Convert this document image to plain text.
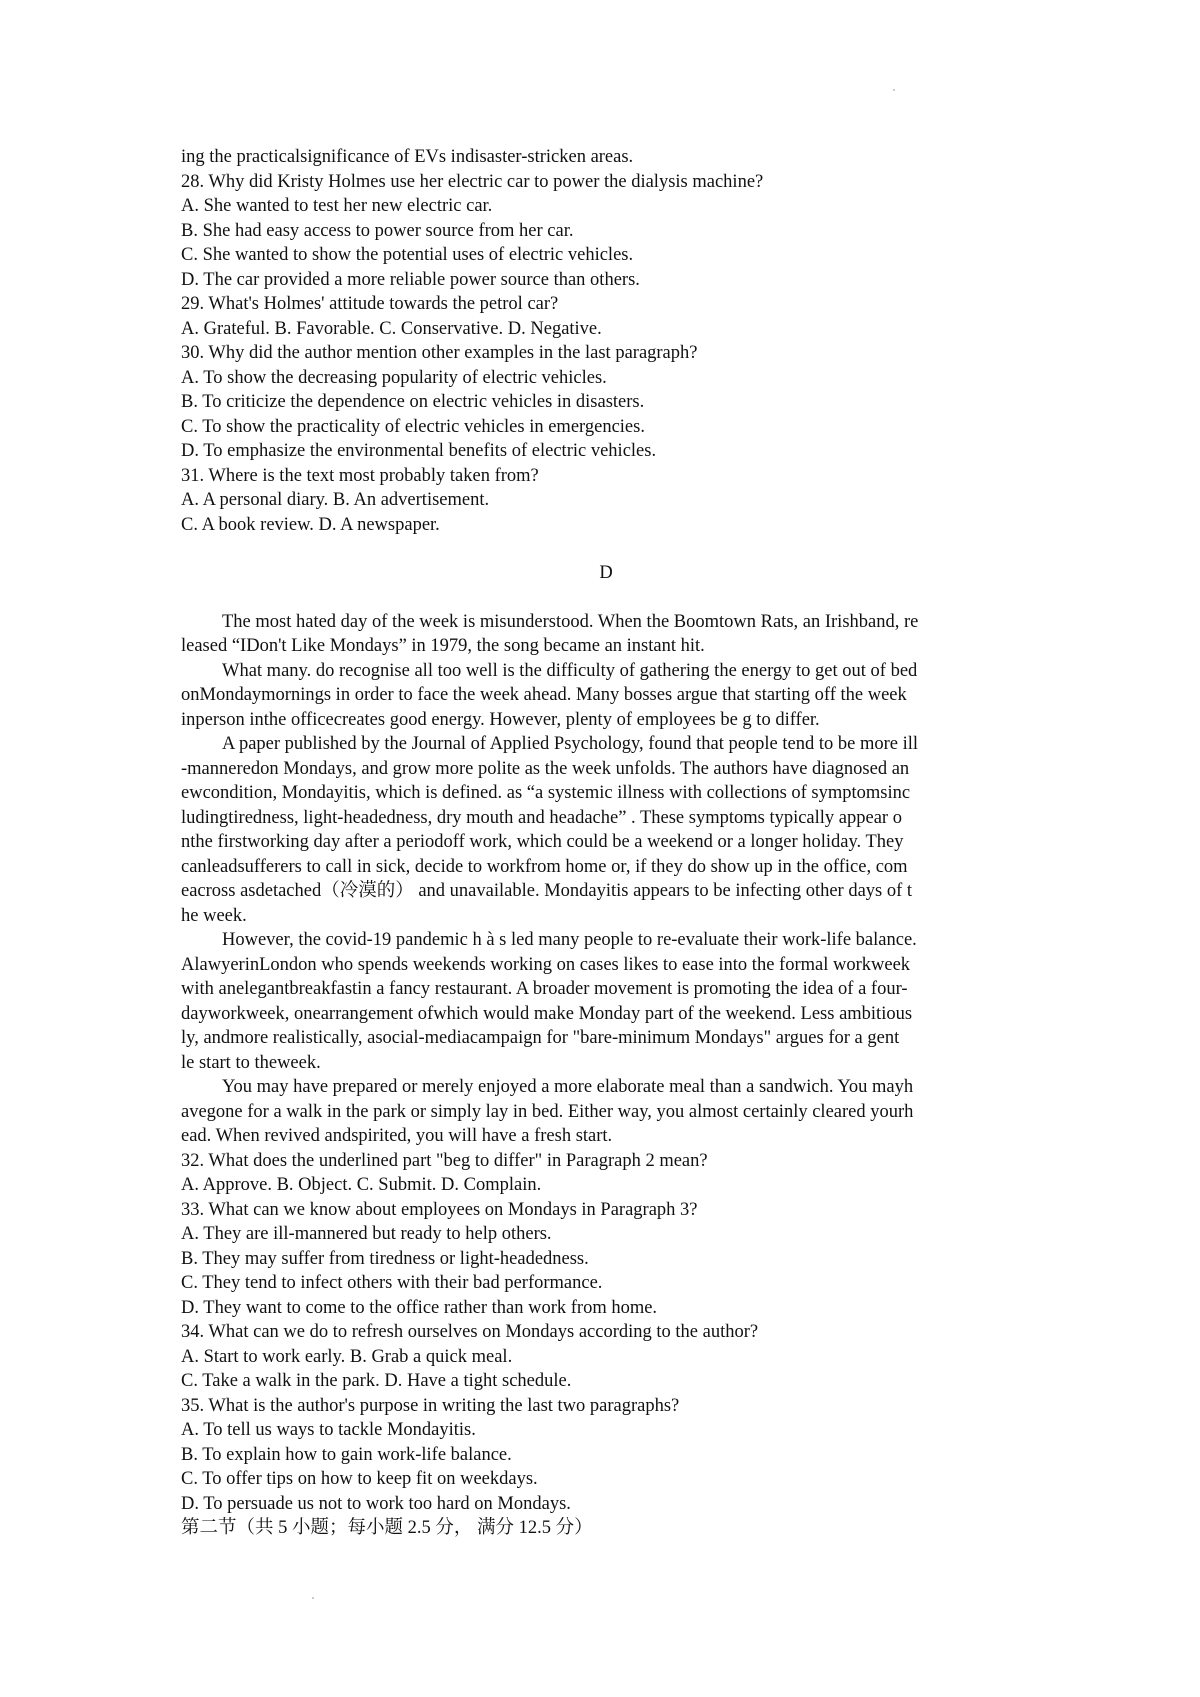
ing the practicalsignificance of EVs indisaster-stricken areas.
28. Why did Kristy Holmes use her electric car to power the dialysis machine?
A. She wanted to test her new electric car.
B. She had easy access to power source from her car.
C. She wanted to show the potential uses of electric vehicles.
D. The car provided a more reliable power source than others.
29. What's Holmes' attitude towards the petrol car?
A. Grateful. B. Favorable. C. Conservative. D. Negative.
30. Why did the author mention other examples in the last paragraph?
A. To show the decreasing popularity of electric vehicles.
B. To criticize the dependence on electric vehicles in disasters.
C. To show the practicality of electric vehicles in emergencies.
D. To emphasize the environmental benefits of electric vehicles.
31. Where is the text most probably taken from?
A. A personal diary. B. An advertisement.
C. A book review. D. A newspaper.
D
The most hated day of the week is misunderstood. When the Boomtown Rats, an Irishband, re
leased “IDon't Like Mondays” in 1979, the song became an instant hit.
What many. do recognise all too well is the difficulty of gathering the energy to get out of bed
onMondaymornings in order to face the week ahead. Many bosses argue that starting off the week
inperson inthe officecreates good energy. However, plenty of employees be g to differ.
A paper published by the Journal of Applied Psychology, found that people tend to be more ill
-manneredon Mondays, and grow more polite as the week unfolds. The authors have diagnosed an
ewcondition, Mondayitis, which is defined. as “a systemic illness with collections of symptomsinc
ludingtiredness, light-headedness, dry mouth and headache” . These symptoms typically appear o
nthe firstworking day after a periodoff work, which could be a weekend or a longer holiday. They
canleadsufferers to call in sick, decide to workfrom home or, if they do show up in the office, com
eacross asdetached（冷漠的） and unavailable. Mondayitis appears to be infecting other days of t
he week.
However, the covid-19 pandemic h à s led many people to re-evaluate their work-life balance.
AlawyerinLondon who spends weekends working on cases likes to ease into the formal workweek
with anelegantbreakfastin a fancy restaurant. A broader movement is promoting the idea of a four-
dayworkweek, onearrangement ofwhich would make Monday part of the weekend. Less ambitious
ly, andmore realistically, asocial-mediacampaign for "bare-minimum Mondays" argues for a gent
le start to theweek.
You may have prepared or merely enjoyed a more elaborate meal than a sandwich. You mayh
avegone for a walk in the park or simply lay in bed. Either way, you almost certainly cleared yourh
ead. When revived andspirited, you will have a fresh start.
32. What does the underlined part "beg to differ" in Paragraph 2 mean?
A. Approve. B. Object. C. Submit. D. Complain.
33. What can we know about employees on Mondays in Paragraph 3?
A. They are ill-mannered but ready to help others.
B. They may suffer from tiredness or light-headedness.
C. They tend to infect others with their bad performance.
D. They want to come to the office rather than work from home.
34. What can we do to refresh ourselves on Mondays according to the author?
A. Start to work early. B. Grab a quick meal.
C. Take a walk in the park. D. Have a tight schedule.
35. What is the author's purpose in writing the last two paragraphs?
A. To tell us ways to tackle Mondayitis.
B. To explain how to gain work-life balance.
C. To offer tips on how to keep fit on weekdays.
D. To persuade us not to work too hard on Mondays.
第二节（共 5 小题；每小题 2.5 分， 满分 12.5 分）
